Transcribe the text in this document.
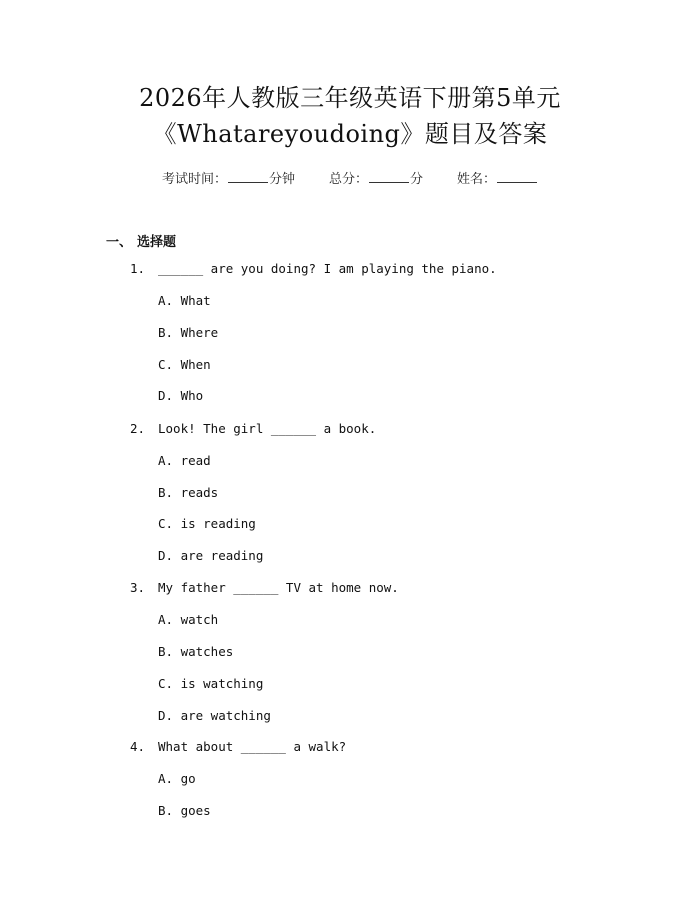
2026年人教版三年级英语下册第5单元
《Whatareyoudoing》题目及答案
考试时间：	分钟	总分：	分	姓名：
一、 选择题
1. ______ are you doing? I am playing the piano.
A. What
B. Where
C. When
D. Who
2. Look! The girl ______ a book.
A. read
B. reads
C. is reading
D. are reading
3. My father ______ TV at home now.
A. watch
B. watches
C. is watching
D. are watching
4. What about ______ a walk?
A. go
B. goes
